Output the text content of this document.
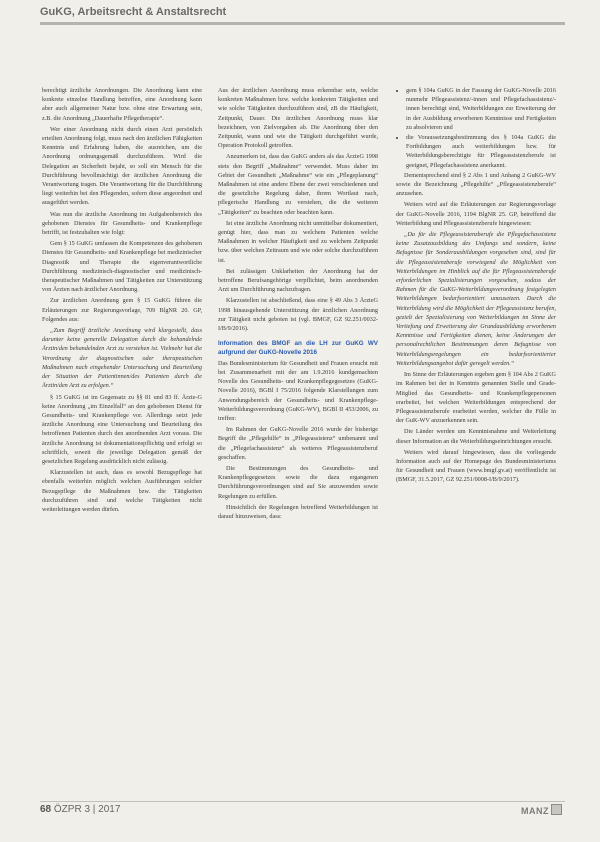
GuKG, Arbeitsrecht & Anstaltsrecht

berechtigt ärztliche Anordnungen. Die Anordnung kann eine konkrete einzelne Handlung betreffen, eine Anordnung kann aber auch allgemeiner Natur bzw. ohne eine Erwartung sein, z.B. die Anordnung „Dauerhafte Pflegetherapie“.

Wer einer Anordnung nicht durch einen Arzt persönlich erteilten Anordnung folgt, muss nach den ärztlichen Fähigkeiten Kenntnis und Erfahrung haben, die ausreichen, um die Anordnung ordnungsgemäß durchzuführen. Wird die Delegation an Sicherheit bejaht, so soll ein Mensch für die Durchführung bevollmächtigt der ärztlichen Anordnung die Verantwortung tragen. Die Verantwortung für die Durchführung liegt weiterhin bei den Pflegenden, sofern diese angeordnet und ausgeführt werden.

Was nun die ärztliche Anordnung im Aufgabenbereich des gehobenen Dienstes für Gesundheits- und Krankenpflege betrifft, ist festzuhalten wie folgt:

Gem § 15 GuKG umfassen die Kompetenzen des gehobenen Dienstes für Gesundheits- und Krankenpflege bei medizinischer Diagnostik und Therapie die eigenverantwortliche Durchführung medizinisch-diagnostischer und medizinisch-therapeutischer Maßnahmen und Tätigkeiten zur Unterstützung von Ärzten nach ärztlicher Anordnung.

Zur ärztlichen Anordnung gem § 15 GuKG führen die Erläuterungen zur Regierungsvorlage, 709 BlgNR 20. GP, Folgendes aus:

„Zum Begriff ärztliche Anordnung wird klargestellt, dass darunter keine generelle Delegation durch die behandelnde Ärztin/den behandelnden Arzt zu verstehen ist. Vielmehr hat die Verordnung der diagnostischen oder therapeutischen Maßnahmen nach eingehender Untersuchung und Beurteilung der Situation der Patientinnen/des Patienten durch die Ärztin/den Arzt zu erfolgen.“

§ 15 GuKG ist im Gegensatz zu §§ 81 und 83 ff. Ärzte-G keine Anordnung „im Einzelfall“ an den gehobenen Dienst für Gesundheits- und Krankenpflege vor. Allerdings setzt jede ärztliche Anordnung eine Untersuchung und Beurteilung des betroffenen Patienten durch den anordnenden Arzt voraus. Die ärztliche Anordnung ist dokumentationspflichtig und erfolgt so schriftlich, soweit die jeweilige Delegation gemäß der gesetzlichen Regelung ausdrücklich nicht zulässig.

Klarzustellen ist auch, dass es sowohl Bezugspflege hat ebenfalls weiterhin möglich welchen Ausführungen solcher Bezugspflege die Maßnahmen bzw. die Tätigkeiten durchzuführen sind und welche Tätigkeiten nicht weiterleitungen werden dürfen.

Aus der ärztlichen Anordnung muss erkennbar sein, welche konkreten Maßnahmen bzw. welche konkreten Tätigkeiten und wie solche Tätigkeiten durchzuführen sind, zB die Häufigkeit, Zeitpunkt, Dauer. Die ärztlichen Anordnung muss klar bezeichnen, von Zielvorgaben ab. Die Anordnung über den Zeitpunkt, wann und wie die Tätigkeit durchgeführt wurde, Operation Protokoll getroffen.

Anzumerken ist, dass das GuKG anders als das ÄrzteG 1998 stets den Begriff „Maßnahme“ verwendet. Muss daher im Gebiet der Gesundheit „Maßnahme“ wie ein „Pflegeplanung“ Maßnahmen ist eine andere Ebene der zwei verschiedenen und die gesetzliche Regelung daher, ihrem Wortlaut nach, pflegerische Handlung zu verstehen, die die weiteren „Tätigkeiten“ zu beachten oder beachten kann.

Ist eine ärztliche Anordnung nicht unmittelbar dokumentiert, genügt hier, dass man zu welchem Patienten welche Maßnahmen in welcher Häufigkeit und zu welchem Zeitpunkt bzw. über welchen Zeitraum und wie oder solche durchzuführen ist.

Bei zulässigen Unklarheiten der Anordnung hat der betroffene Berufsangehörige verpflichtet, beim anordnenden Arzt um Durchführung nachzufragen.

Klarzustellen ist abschließend, dass eine § 49 Abs 3 ÄrzteG 1998 hinausgehende Unterstützung der ärztlichen Anordnung zur Tätigkeit nicht geboten ist (vgl. BMGF, GZ 92.251/0032-I/B/9/2016).

Information des BMGF an die LH zur GuKG WV aufgrund der GuKG-Novelle 2016

Das Bundesministerium für Gesundheit und Frauen ersucht mit bei Zusammenarbeit mit der am 1.9.2016 kundgemachten Novelle des Gesundheits- und Krankenpflegegesetzes (GuKG-Novelle 2016), BGBl I 75/2016 folgende Klarstellungen zum Anwendungsbereich der Gesundheits- und Krankenpflege-Weiterbildungsverordnung (GuKG-WV), BGBl II 453/2006, zu treffen:

Im Rahmen der GuKG-Novelle 2016 wurde der bisherige Begriff die „Pflegehilfe“ in „Pflegeassistenz“ umbenannt und die „Pflegefachassistenz“ als weiteres Pflegeassistenzberuf geschaffen.

Die Bestimmungen des Gesundheits- und Krankenpflegegesetzes sowie die dazu ergangenen Durchführungsverordnungen sind auf Sie anzuwenden sowie Regelungen zu erfüllen.

Hinsichtlich der Regelungen betreffend Weiterbildungen ist darauf hinzuweisen, dass:

• gem § 104a GuKG in der Fassung der GuKG-Novelle 2016 nunmehr Pflegeassistenz/-innen und Pflegefachassistenz/-innen berechtigt sind, Weiterbildungen zur Erweiterung der in der Ausbildung erworbenen Kenntnisse und Fertigkeiten zu absolvieren und
• die Voraussetzungsbestimmung des § 104a GuKG die Fortbildungen auch weiterbildungen bzw. für Weiterbildungsberechtigte für Pflegeassistenzberufe ist geeignet, Pflegefachassistenz anerkannt.

Dementsprechend sind § 2 Abs 1 und Anhang 2 GuKG-WV sowie die Bezeichnung „Pflegehilfe“ „Pflegeassistenzberufe“ anzusehen.

Weiters wird auf die Erläuterungen zur Regierungsvorlage der GuKG-Novelle 2016, 1194 BlgNR 25. GP, betreffend die Weiterbildung und Pflegeassistenzberufe hingewiesen:

„Da für die Pflegeassistenzberufe die Pflegefachassistenz keine Zusatzausbildung des Umfangs und sondern, keine Befugnisse für Sonderausbildungen vorgesehen sind, sind für die Pflegeassistenzberufe vorwiegend die Möglichkeit von Weiterbildungen im Hinblick auf die für Pflegeassistenzberufe erforderlichen Spezialisierungen vorgesehen, sodass der Rahmen für die GuKG-Weiterbildungsverordnung festgelegten Weiterbildungen bedarfsorientiert umzusetzen. Durch die Weiterbildung wird die Möglichkeit der Pflegeassistenz berufen, gezielt der Spezialisierung von Weiterbildungen im Sinne der Vertiefung und Erweiterung der Grundausbildung erworbenen Kenntnisse und Fertigkeiten dienen, keine Änderungen der personalrechtlichen Bestimmungen deren Befugnisse von Weiterbildungsregelungen ein bedarfsorientierter Weiterbildungsangebot dafür geregelt werden.“

Im Sinne der Erläuterungen ergeben gem § 104 Abs 2 GuKG im Rahmen bei der in Kenntnis genannten Stelle und Grade-Mitglied das Gesundheits- und Krankenpflegepersonen erarbeitet, bei welchen Weiterbildungen entsprechend der Pflegeassistenzberufe erarbeitet werden, welcher die Fülle in der GuK-WV anzuerkennen sein.

Die Länder werden um Kenntnisnahme und Weiterleitung dieser Information an die Weiterbildungseinrichtungen ersucht.

Weiters wird darauf hingewiesen, dass die vorliegende Information auch auf der Homepage des Bundesministeriums für Gesundheit und Frauen (www.bmgf.gv.at) veröffentlicht ist (BMGF, 31.5.2017, GZ 92.251/0008-I/B/9/2017).

68 ÖZPR 3 | 2017	MANZ
